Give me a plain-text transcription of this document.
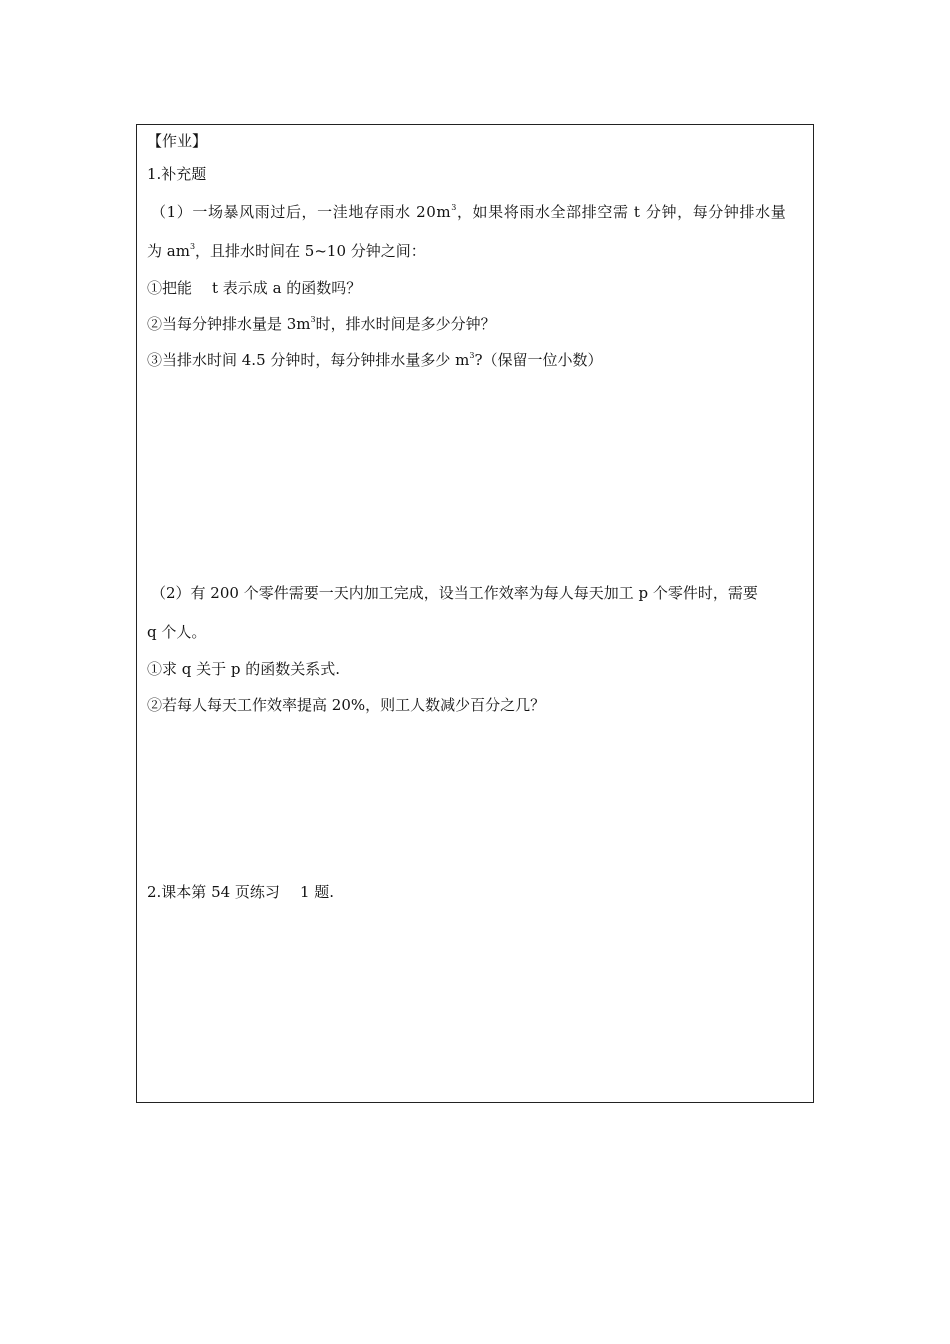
【作业】
1.补充题
（1）一场暴风雨过后，一洼地存雨水 $20m^3$，如果将雨水全部排空需 t 分钟，每分钟排水量
为 $am^3$，且排水时间在 5~10 分钟之间：
①把能 t 表示成 a 的函数吗？
②当每分钟排水量是 $3m^3$时，排水时间是多少分钟？
③当排水时间 4.5 分钟时，每分钟排水量多少 $m^3$?（保留一位小数）
（2）有 200 个零件需要一天内加工完成，设当工作效率为每人每天加工 p 个零件时，需要
q 个人。
①求 q 关于 p 的函数关系式.
②若每人每天工作效率提高 20%，则工人数减少百分之几？
2.课本第 54 页练习 1 题.
